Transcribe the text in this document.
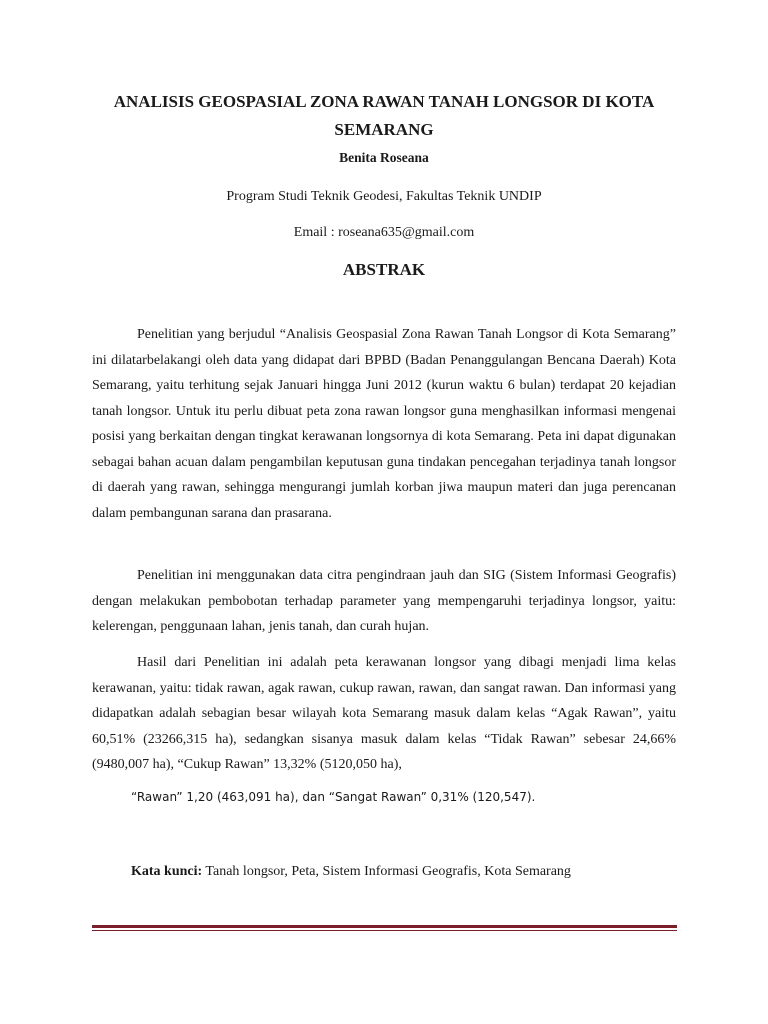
ANALISIS GEOSPASIAL ZONA RAWAN TANAH LONGSOR DI KOTA
SEMARANG

Benita Roseana

Program Studi Teknik Geodesi, Fakultas Teknik UNDIP

Email : roseana635@gmail.com

ABSTRAK

Penelitian yang berjudul “Analisis Geospasial Zona Rawan Tanah Longsor di Kota Semarang” ini dilatarbelakangi oleh data yang didapat dari BPBD (Badan Penanggulangan Bencana Daerah) Kota Semarang, yaitu terhitung sejak Januari hingga Juni 2012 (kurun waktu 6 bulan) terdapat 20 kejadian tanah longsor. Untuk itu perlu dibuat peta zona rawan longsor guna menghasilkan informasi mengenai posisi yang berkaitan dengan tingkat kerawanan longsornya di kota Semarang. Peta ini dapat digunakan sebagai bahan acuan dalam pengambilan keputusan guna tindakan pencegahan terjadinya tanah longsor di daerah yang rawan, sehingga mengurangi jumlah korban jiwa maupun materi dan juga perencanan dalam pembangunan sarana dan prasarana.

Penelitian ini menggunakan data citra pengindraan jauh dan SIG (Sistem Informasi Geografis) dengan melakukan pembobotan terhadap parameter yang mempengaruhi terjadinya longsor, yaitu: kelerengan, penggunaan lahan, jenis tanah, dan curah hujan.

Hasil dari Penelitian ini adalah peta kerawanan longsor yang dibagi menjadi lima kelas kerawanan, yaitu: tidak rawan, agak rawan, cukup rawan, rawan, dan sangat rawan. Dan informasi yang didapatkan adalah sebagian besar wilayah kota Semarang masuk dalam kelas “Agak Rawan”, yaitu 60,51% (23266,315 ha), sedangkan sisanya masuk dalam kelas “Tidak Rawan” sebesar 24,66% (9480,007 ha), “Cukup Rawan” 13,32% (5120,050 ha),

“Rawan” 1,20 (463,091 ha), dan “Sangat Rawan” 0,31% (120,547).

Kata kunci: Tanah longsor, Peta, Sistem Informasi Geografis, Kota Semarang
